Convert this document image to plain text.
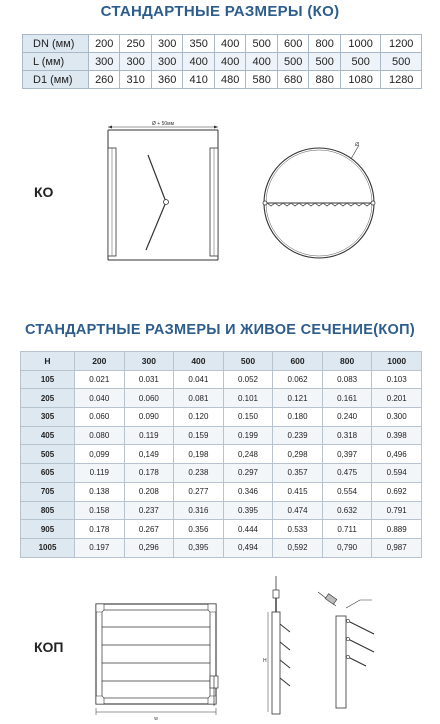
СТАНДАРТНЫЕ РАЗМЕРЫ (КО)
DN (мм)	200	250	300	350	400	500	600	800	1000	1200
L (мм)	300	300	300	400	400	400	500	500	500	500
D1 (мм)	260	310	360	410	480	580	680	880	1080	1280
КО
Ø + 50мм
Ø
СТАНДАРТНЫЕ РАЗМЕРЫ И ЖИВОЕ СЕЧЕНИЕ(КОП)
H	200	300	400	500	600	800	1000
105	0.021	0.031	0.041	0.052	0.062	0.083	0.103
205	0.040	0.060	0.081	0.101	0.121	0.161	0.201
305	0.060	0.090	0.120	0.150	0.180	0.240	0.300
405	0.080	0.119	0.159	0.199	0.239	0.318	0.398
505	0,099	0,149	0,198	0,248	0,298	0,397	0,496
605	0.119	0.178	0.238	0.297	0.357	0.475	0.594
705	0.138	0.208	0.277	0.346	0.415	0.554	0.692
805	0.158	0.237	0.316	0.395	0.474	0.632	0.791
905	0.178	0.267	0.356	0.444	0.533	0.711	0.889
1005	0.197	0,296	0,395	0,494	0,592	0,790	0,987
КОП
w
H
